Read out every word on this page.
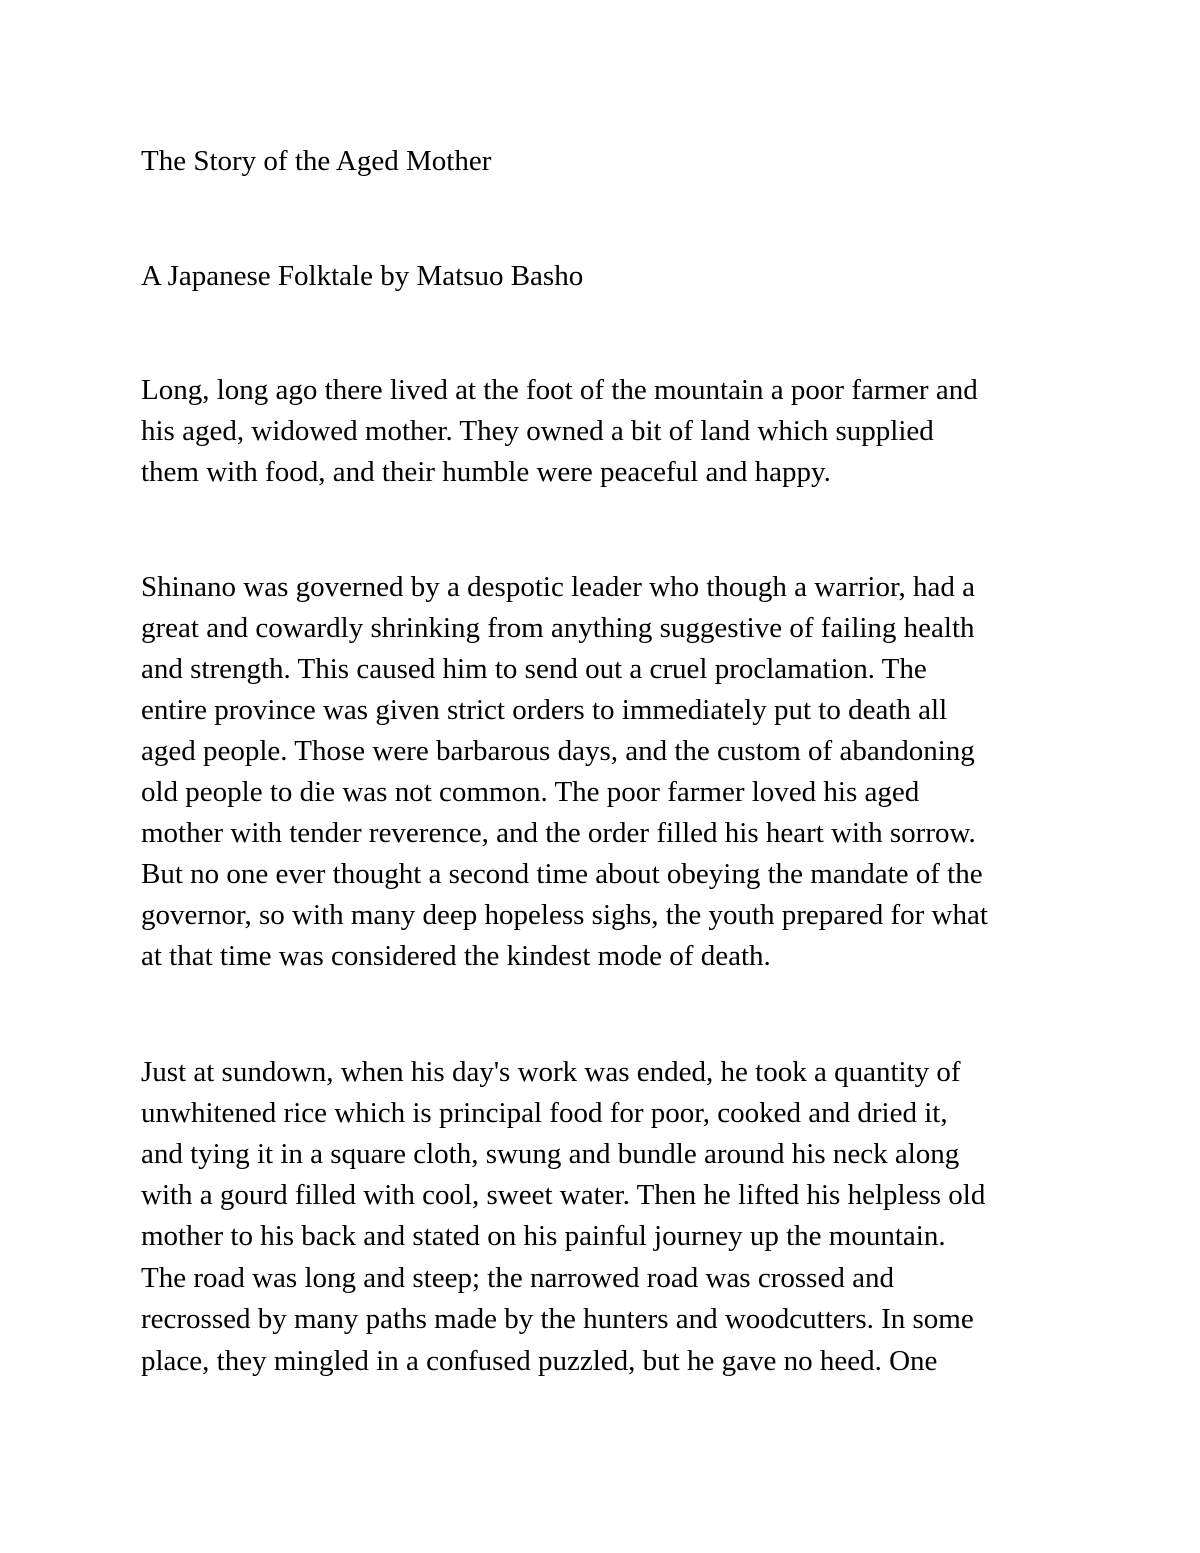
The Story of the Aged Mother

A Japanese Folktale by Matsuo Basho

Long, long ago there lived at the foot of the mountain a poor farmer and

his aged, widowed mother. They owned a bit of land which supplied

them with food, and their humble were peaceful and happy.

Shinano was governed by a despotic leader who though a warrior, had a

great and cowardly shrinking from anything suggestive of failing health

and strength. This caused him to send out a cruel proclamation. The

entire province was given strict orders to immediately put to death all

aged people. Those were barbarous days, and the custom of abandoning

old people to die was not common. The poor farmer loved his aged

mother with tender reverence, and the order filled his heart with sorrow.

But no one ever thought a second time about obeying the mandate of the

governor, so with many deep hopeless sighs, the youth prepared for what

at that time was considered the kindest mode of death.

Just at sundown, when his day's work was ended, he took a quantity of

unwhitened rice which is principal food for poor, cooked and dried it,

and tying it in a square cloth, swung and bundle around his neck along

with a gourd filled with cool, sweet water. Then he lifted his helpless old

mother to his back and stated on his painful journey up the mountain.

The road was long and steep; the narrowed road was crossed and

recrossed by many paths made by the hunters and woodcutters. In some

place, they mingled in a confused puzzled, but he gave no heed. One
